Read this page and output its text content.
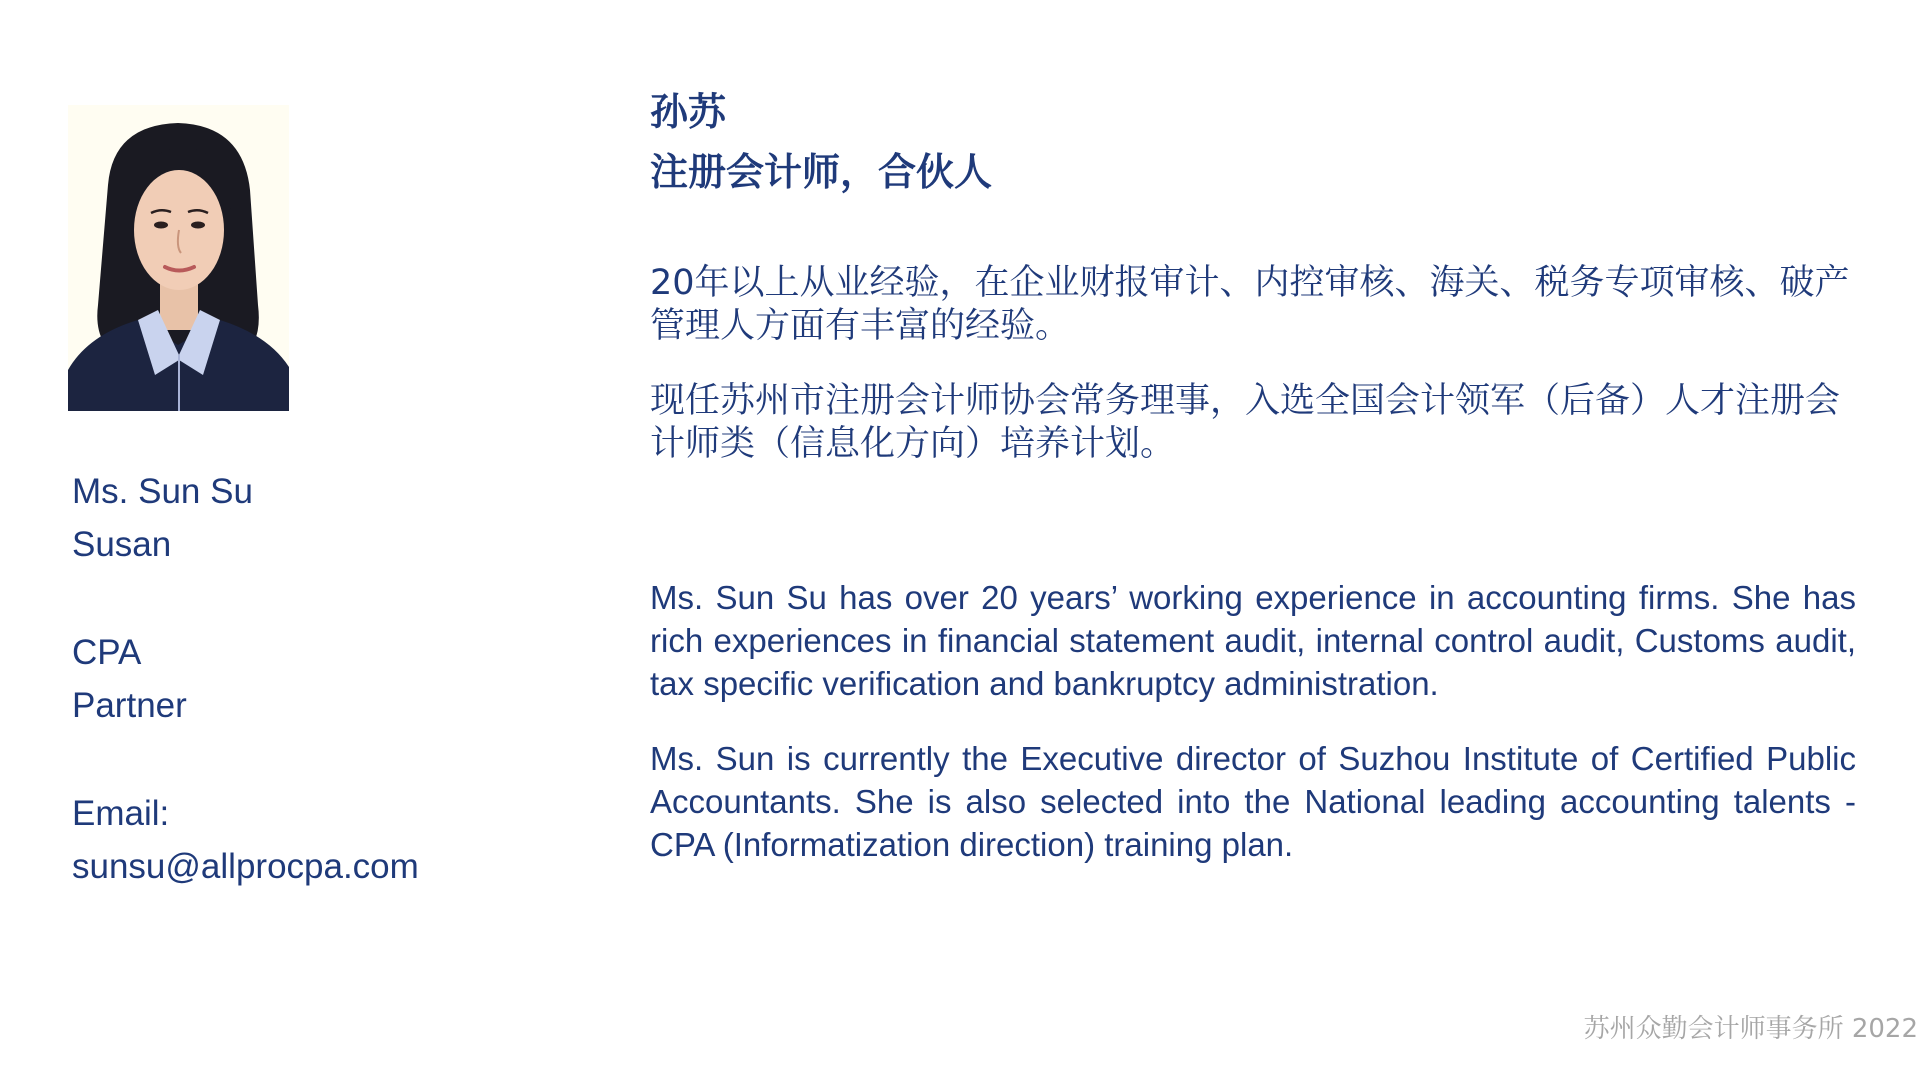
Ms. Sun Su
Susan
CPA
Partner
Email:
sunsu@allprocpa.com
孙苏
注册会计师，合伙人

20年以上从业经验，在企业财报审计、内控审核、海关、税务专项审核、破产管理人方面有丰富的经验。

现任苏州市注册会计师协会常务理事，入选全国会计领军（后备）人才注册会计师类（信息化方向）培养计划。

Ms. Sun Su has over 20 years’ working experience in accounting firms. She has rich experiences in financial statement audit, internal control audit, Customs audit, tax specific verification and bankruptcy administration.

Ms. Sun is currently the Executive director of Suzhou Institute of Certified Public Accountants. She is also selected into the National leading accounting talents - CPA (Informatization direction) training plan.

苏州众勤会计师事务所 2022
